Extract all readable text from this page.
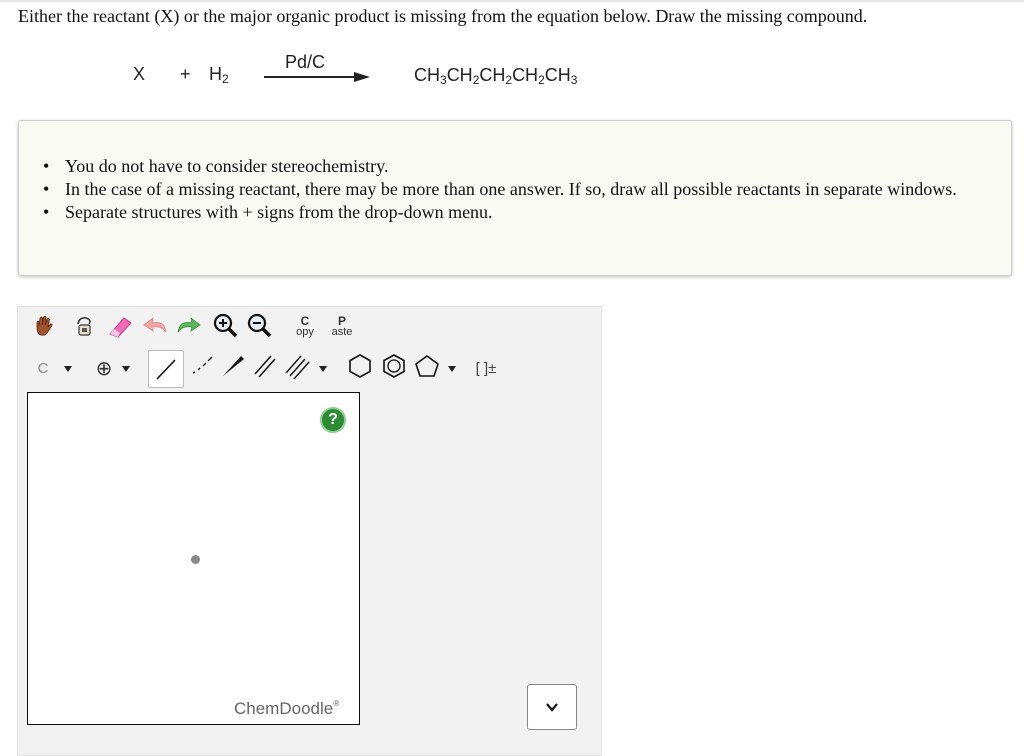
Either the reactant (X) or the major organic product is missing from the equation below. Draw the missing compound.
$X + H_2$
Pd/C
$CH_3CH_2CH_2CH_2CH_3$
• You do not have to consider stereochemistry.
• In the case of a missing reactant, there may be more than one answer. If so, draw all possible reactants in separate windows.
• Separate structures with + signs from the drop-down menu.
C
opy
P
aste
C ⊕	[ ]±
?
ChemDoodle®
